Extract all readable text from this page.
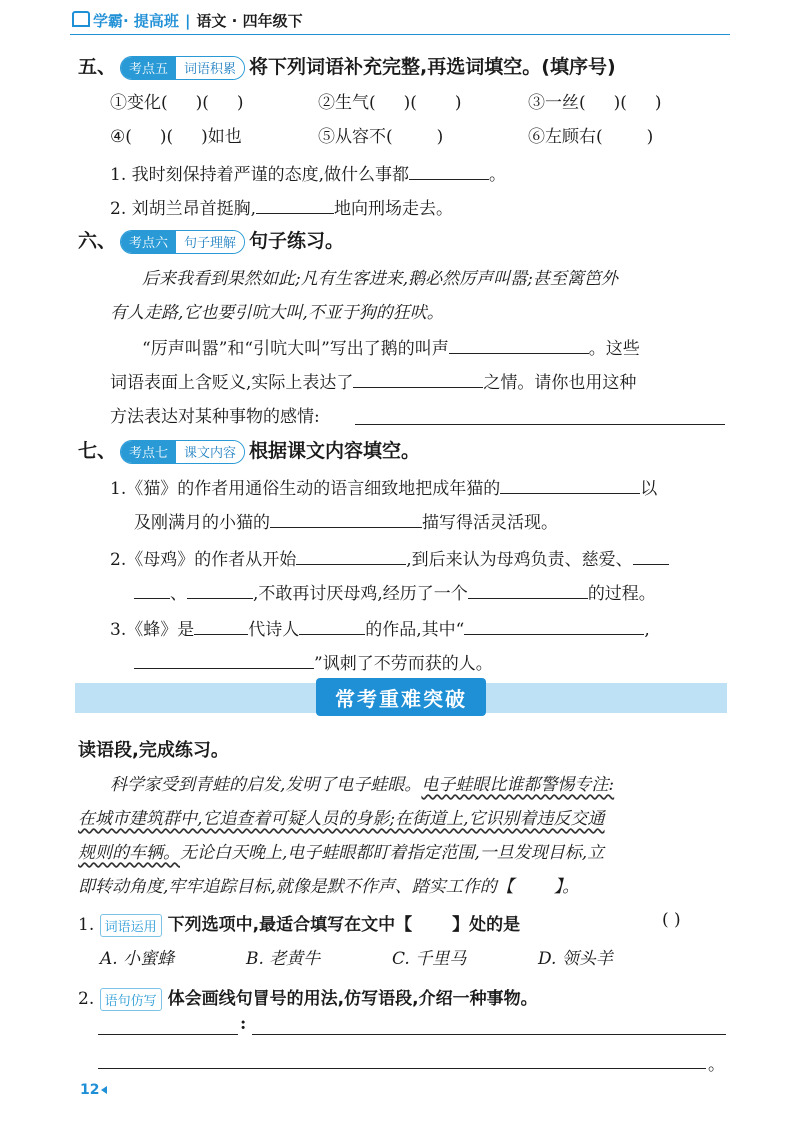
学霸· 提高班 | 语文 · 四年级下
五、	考点五	词语积累 将下列词语补充完整,再选词填空。(填序号)
①变化( )( )	②生气( )( )	③一丝( )( )
④( )( )如也	⑤从容不(	)	⑥左顾右(	)
1. 我时刻保持着严谨的态度,做什么事都	。
2. 刘胡兰昂首挺胸,	地向刑场走去。
六、	考点六	句子理解 句子练习。
后来我看到果然如此;凡有生客进来,鹅必然厉声叫嚣;甚至篱笆外
有人走路,它也要引吭大叫,不亚于狗的狂吠。
“厉声叫嚣”和“引吭大叫”写出了鹅的叫声	。这些
词语表面上含贬义,实际上表达了	之情。请你也用这种
方法表达对某种事物的感情:
七、	考点七	课文内容 根据课文内容填空。
1.《猫》的作者用通俗生动的语言细致地把成年猫的	以
及刚满月的小猫的	描写得活灵活现。
2.《母鸡》的作者从开始	,到后来认为母鸡负责、慈爱、
、	,不敢再讨厌母鸡,经历了一个	的过程。
3.《蜂》是	代诗人	的作品,其中“	,
”讽刺了不劳而获的人。
常考重难突破
读语段,完成练习。
科学家受到青蛙的启发,发明了电子蛙眼。电子蛙眼比谁都警惕专注:
在城市建筑群中,它追查着可疑人员的身影;在街道上,它识别着违反交通
规则的车辆。无论白天晚上,电子蛙眼都盯着指定范围,一旦发现目标,立
即转动角度,牢牢追踪目标,就像是默不作声、踏实工作的【 】。
1. 词语运用 下列选项中,最适合填写在文中【 】处的是	( )
A. 小蜜蜂	B. 老黄牛	C. 千里马	D. 领头羊
2. 语句仿写 体会画线句冒号的用法,仿写语段,介绍一种事物。
:
。
12
